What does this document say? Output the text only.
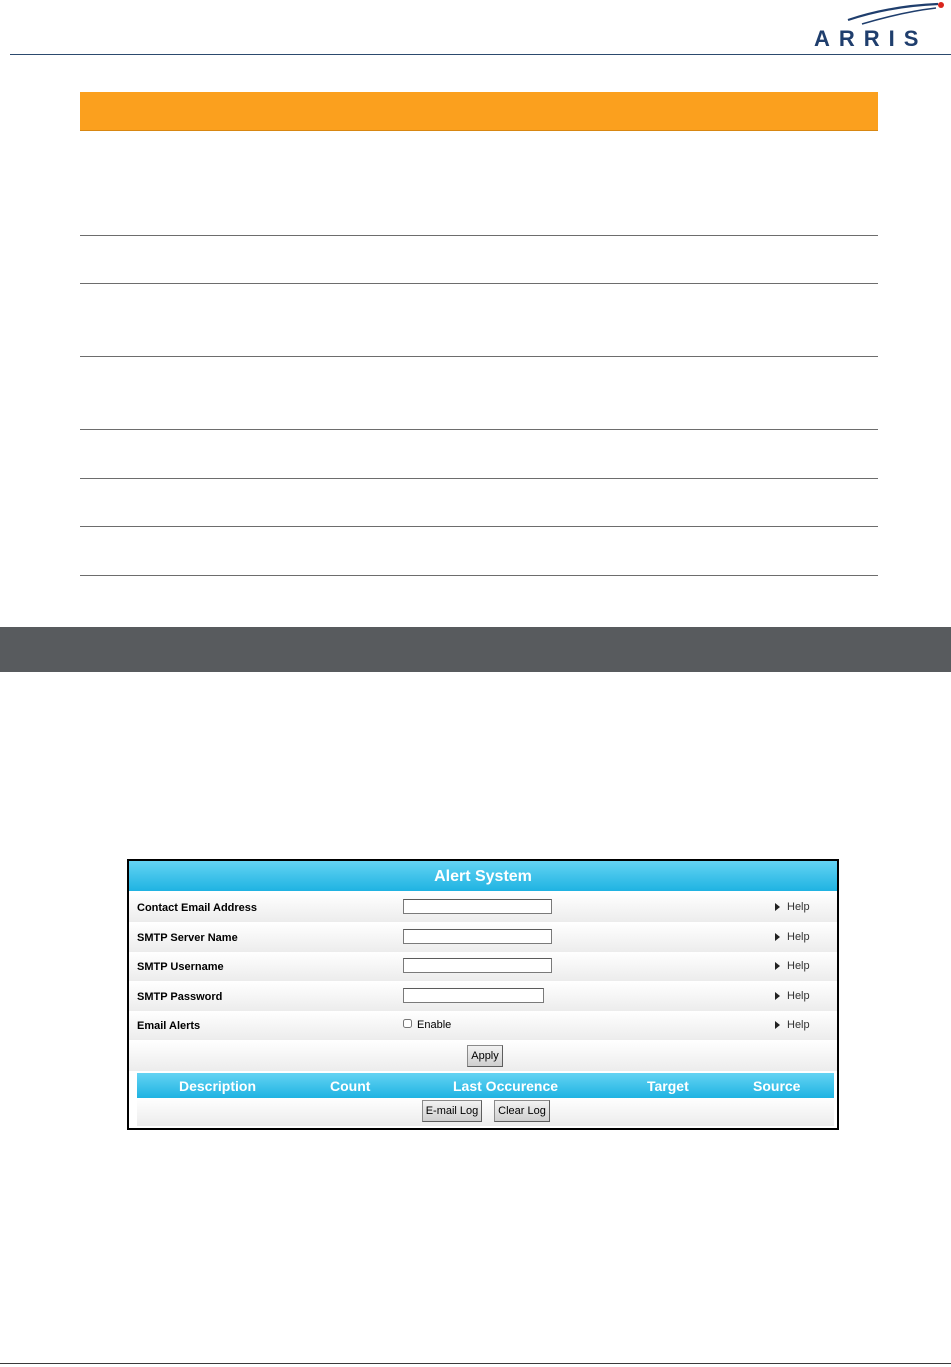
ARRIS
Alert System
Contact Email Address	Help
SMTP Server Name	Help
SMTP Username	Help
SMTP Password	Help
Email Alerts	Enable	Help
Apply
Description	Count	Last Occurence	Target	Source
E-mail Log	Clear Log
